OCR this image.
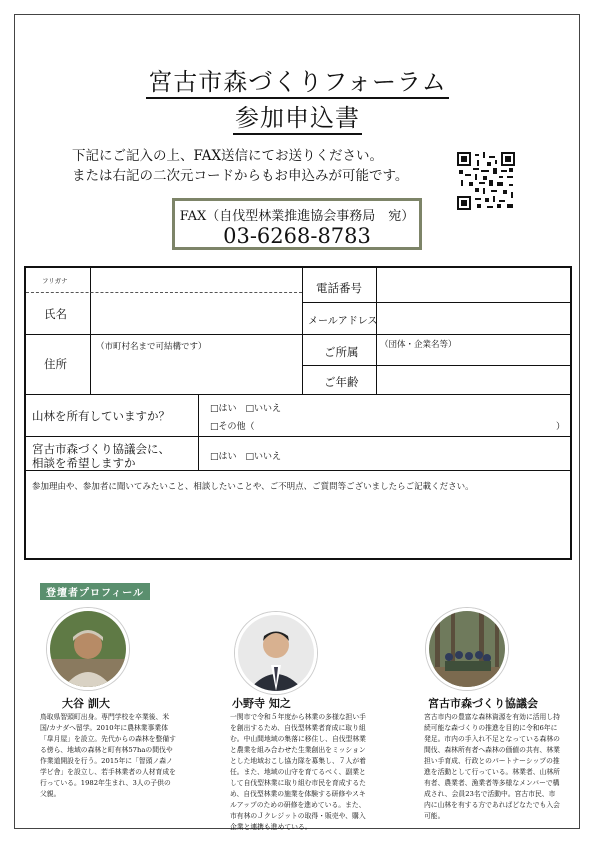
宮古市森づくりフォーラム
参加申込書
下記にご記入の上、FAX送信にてお送りください。
または右記の二次元コードからもお申込みが可能です。
FAX（自伐型林業推進協会事務局　宛）
03-6268-8783
フリガナ
氏名
住所
（市町村名まで可結構です）
電話番号
メールアドレス
ご所属	（団体・企業名等）
ご年齢
山林を所有していますか？	□はい　□いいえ
□その他（	）
宮古市森づくり協議会に、
相談を希望しますか	□はい　□いいえ
参加理由や、参加者に聞いてみたいこと、相談したいことや、ご不明点、ご質問等ございましたらご記載ください。
登壇者プロフィール
大谷 訓大	小野寺 知之	宮古市森づくり協議会
鳥取県智頭町出身。専門学校を卒業後、米国/カナダへ留学。2010年に農林業事業体「皐月屋」を設立。先代からの森林を整備する傍ら、地域の森林と町有林57haの間伐や作業道開設を行う。2015年に「智頭ノ森ノ学ビ舎」を設立し、若手林業者の人材育成を行っている。1982年生まれ、3人の子供の父親。
一関市で令和５年度から林業の多様な担い手を創出するため、自伐型林業者育成に取り組む。中山間地域の集落に移住し、自伐型林業と農業を組み合わせた生業創出をミッションとした地域おこし協力隊を募集し、７人が着任。また、地域の山守を育てるべく、副業として自伐型林業に取り組む市民を育成するため、自伐型林業の施業を体験する研修やスキルアップのための研修を進めている。また、市有林のＪクレジットの取得・販売や、購入企業と連携も進めている。
宮古市内の豊富な森林資源を有効に活用し持続可能な森づくりの推進を目的に令和6年に発足。市内の手入れ不足となっている森林の間伐、森林所有者へ森林の価値の共有、林業担い手育成、行政とのパートナーシップの推進を活動として行っている。林業者、山林所有者、農業者、漁業者等多様なメンバーで構成され、会員23名で活動中。宮古市民、市内に山林を有する方であればどなたでも入会可能。
